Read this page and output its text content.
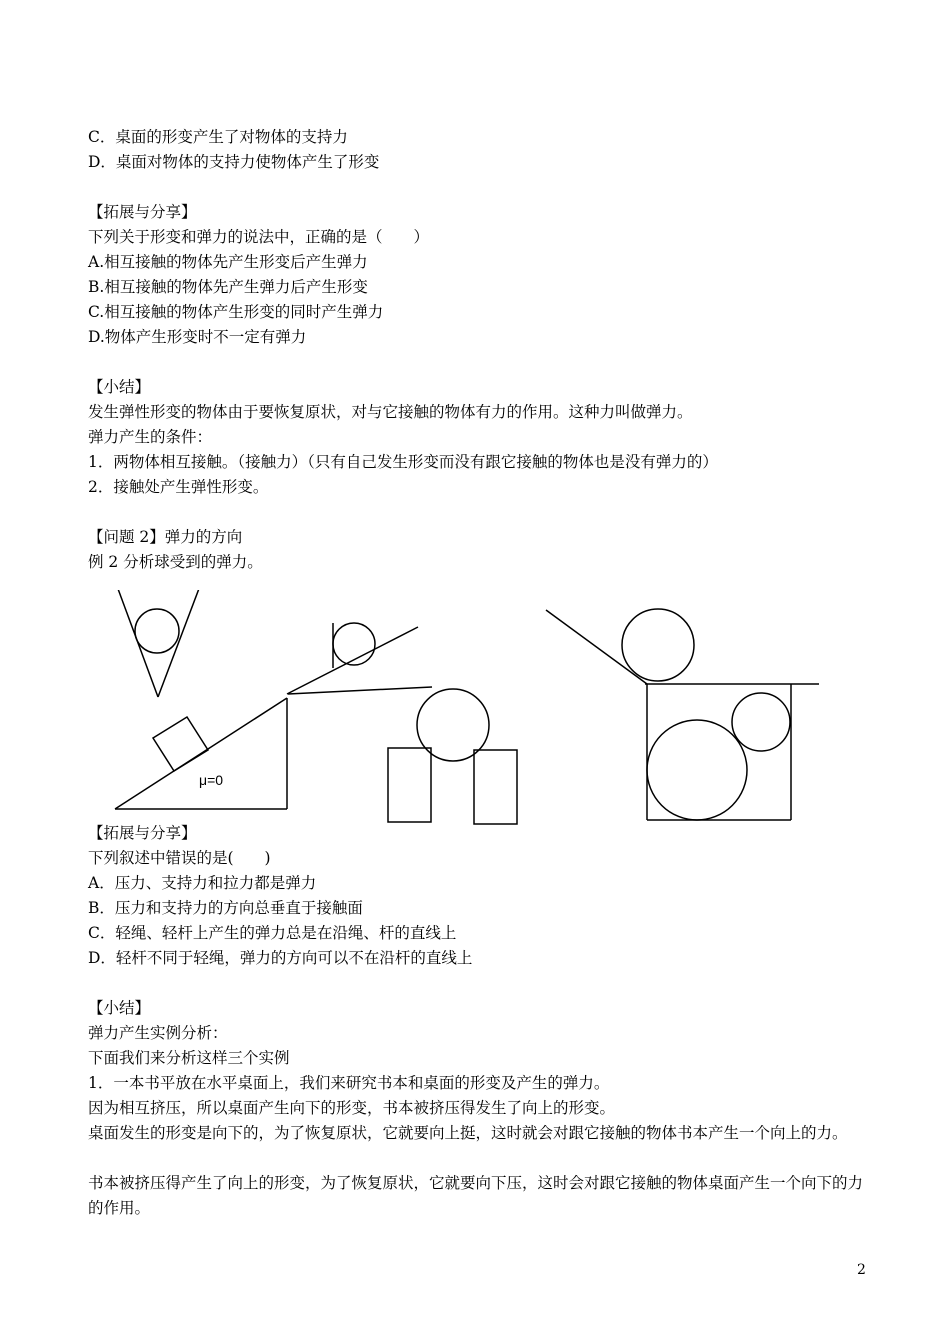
C．桌面的形变产生了对物体的支持力
D．桌面对物体的支持力使物体产生了形变
【拓展与分享】
下列关于形变和弹力的说法中，正确的是（　　）
A.相互接触的物体先产生形变后产生弹力
B.相互接触的物体先产生弹力后产生形变
C.相互接触的物体产生形变的同时产生弹力
D.物体产生形变时不一定有弹力
【小结】
发生弹性形变的物体由于要恢复原状，对与它接触的物体有力的作用。这种力叫做弹力。
弹力产生的条件：
1．两物体相互接触。（接触力）（只有自己发生形变而没有跟它接触的物体也是没有弹力的）
2．接触处产生弹性形变。
【问题 2】弹力的方向
例 2 分析球受到的弹力。
μ=0
【拓展与分享】
下列叙述中错误的是(　　)
A．压力、支持力和拉力都是弹力
B．压力和支持力的方向总垂直于接触面
C．轻绳、轻杆上产生的弹力总是在沿绳、杆的直线上
D．轻杆不同于轻绳，弹力的方向可以不在沿杆的直线上
【小结】
弹力产生实例分析：
下面我们来分析这样三个实例
1．一本书平放在水平桌面上，我们来研究书本和桌面的形变及产生的弹力。
因为相互挤压，所以桌面产生向下的形变，书本被挤压得发生了向上的形变。
桌面发生的形变是向下的，为了恢复原状，它就要向上挺，这时就会对跟它接触的物体书本产生一个向上的力。
书本被挤压得产生了向上的形变，为了恢复原状，它就要向下压，这时会对跟它接触的物体桌面产生一个向下的力的作用。
2
